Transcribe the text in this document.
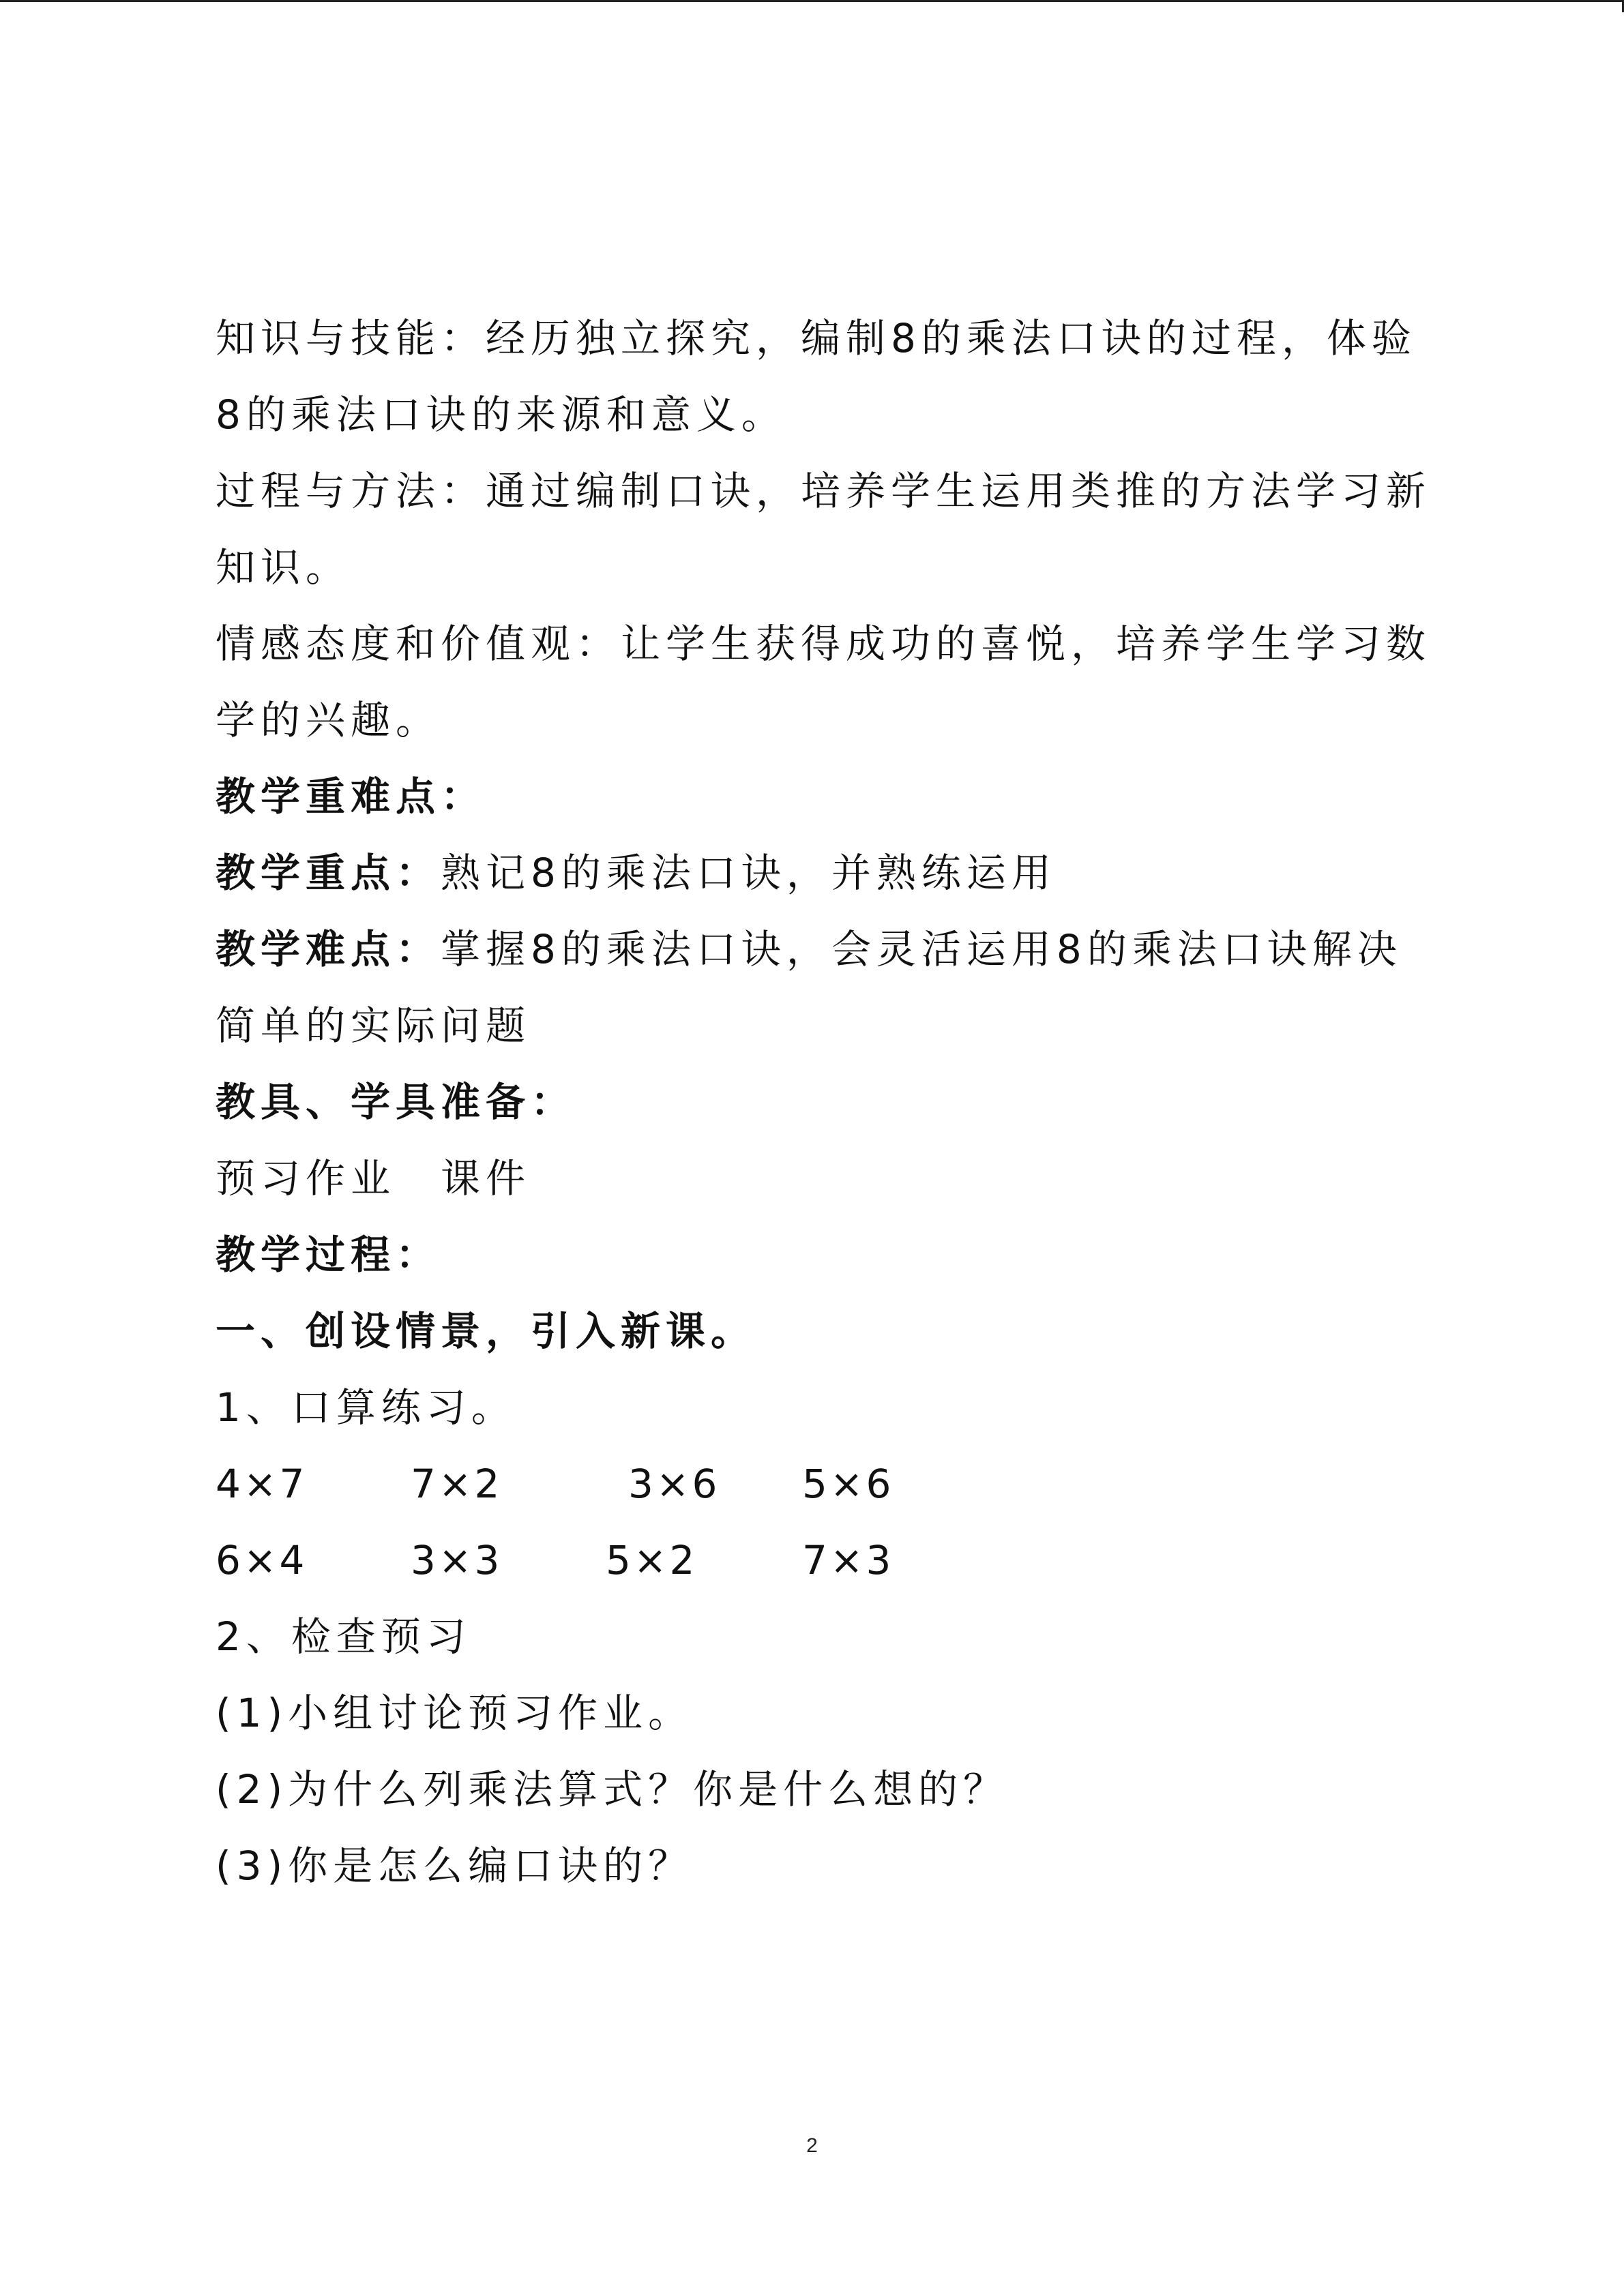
知识与技能：经历独立探究，编制8的乘法口诀的过程，体验
8的乘法口诀的来源和意义。
过程与方法：通过编制口诀，培养学生运用类推的方法学习新
知识。
情感态度和价值观：让学生获得成功的喜悦，培养学生学习数
学的兴趣。
教学重难点：
教学重点：熟记8的乘法口诀，并熟练运用
教学难点：掌握8的乘法口诀，会灵活运用8的乘法口诀解决
简单的实际问题
教具、学具准备：
预习作业　课件
教学过程：
一、创设情景，引入新课。
1、口算练习。
4×7	7×2	3×6 5×6
6×4	3×3	5×2	7×3
2、检查预习
(1)小组讨论预习作业。
(2)为什么列乘法算式？你是什么想的？
(3)你是怎么编口诀的？
2
